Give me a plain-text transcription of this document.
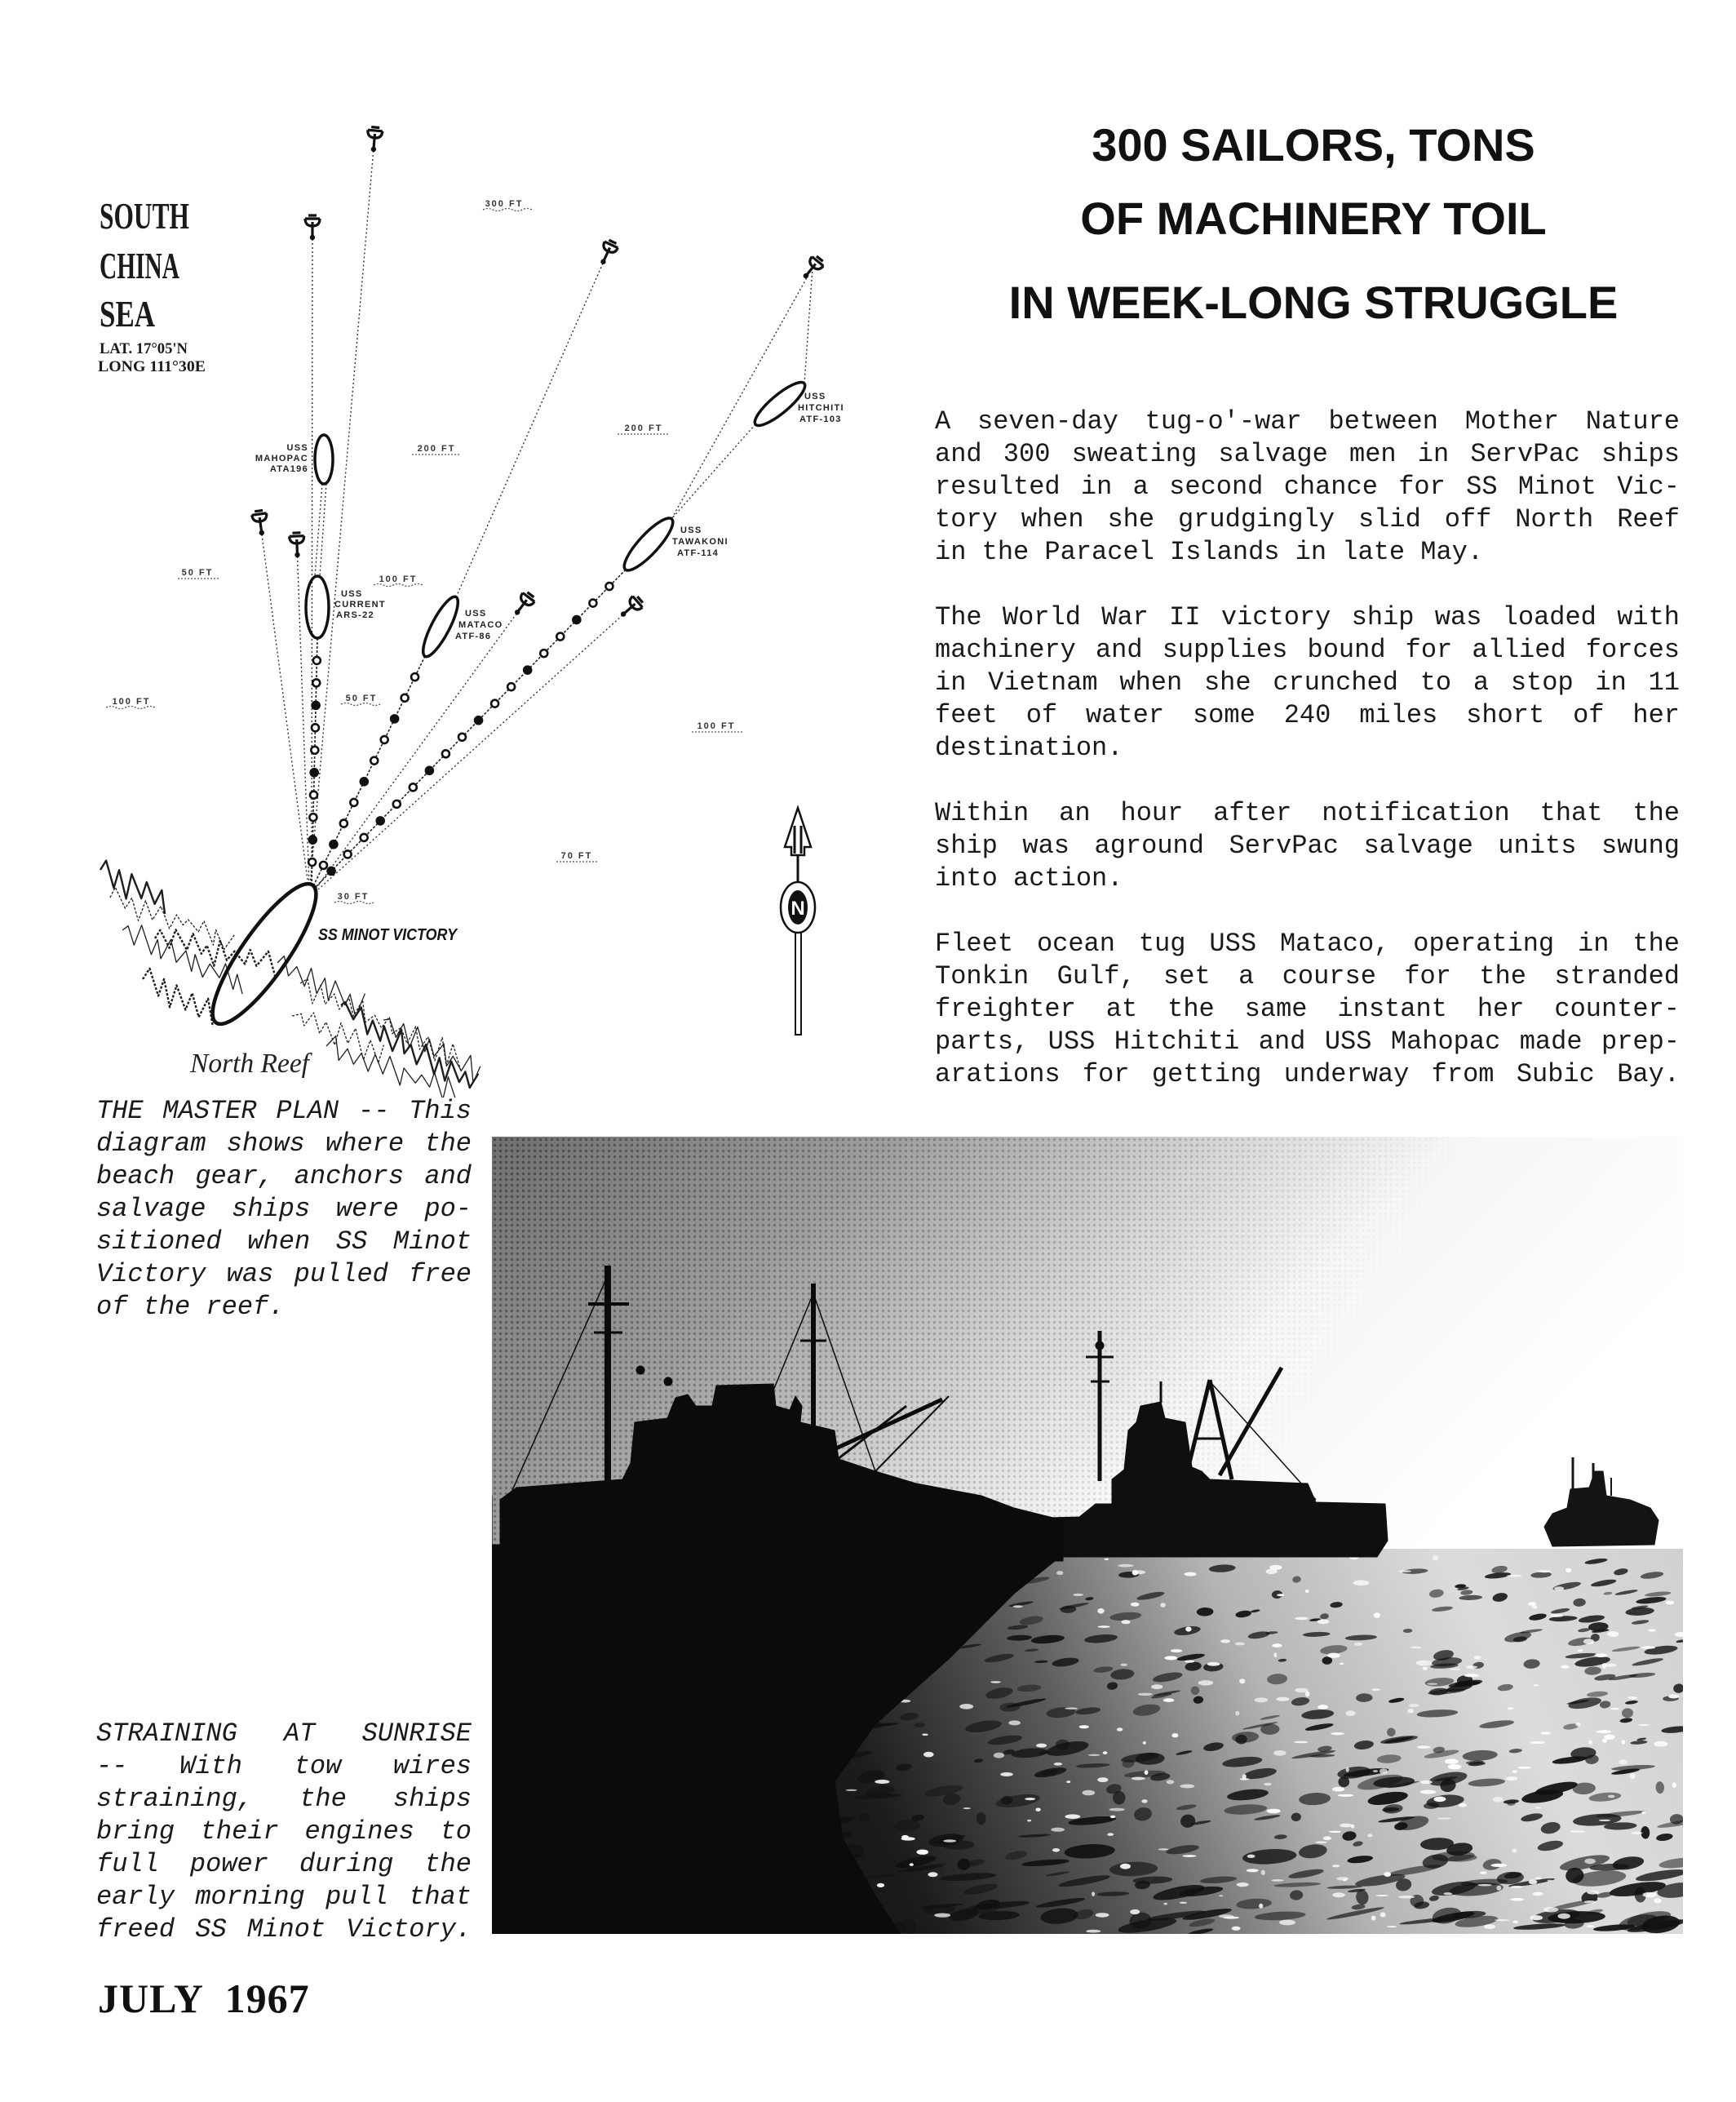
SOUTH
CHINA
SEA
LAT. 17°05'N
LONG 111°30E
300 FT
200 FT
200 FT
50 FT
100 FT
100 FT	50 FT
100 FT
70 FT
30 FT
USS
MAHOPAC
ATA196
USS
CURRENT
ARS-22	USS
MATACO
ATF-86
USS
TAWAKONI
ATF-114
USS
HITCHITI
ATF-103
SS MINOT VICTORY
North Reef
N
300 SAILORS, TONS
OF MACHINERY TOIL
IN WEEK-LONG STRUGGLE
A seven-day tug-o'-war between Mother Nature
and 300 sweating salvage men in ServPac ships
resulted in a second chance for SS Minot Vic-
tory when she grudgingly slid off North Reef
in the Paracel Islands in late May.
The World War II victory ship was loaded with
machinery and supplies bound for allied forces
in Vietnam when she crunched to a stop in 11
feet of water some 240 miles short of her
destination.
Within an hour after notification that the
ship was aground ServPac salvage units swung
into action.
Fleet ocean tug USS Mataco, operating in the
Tonkin Gulf, set a course for the stranded
freighter at the same instant her counter-
parts, USS Hitchiti and USS Mahopac made prep-
arations for getting underway from Subic Bay.
THE MASTER PLAN -- This
diagram shows where the
beach gear, anchors and
salvage ships were po-
sitioned when SS Minot
Victory was pulled free
of the reef.
STRAINING AT SUNRISE
-- With tow wires
straining, the ships
bring their engines to
full power during the
early morning pull that
freed SS Minot Victory.
JULY 1967
